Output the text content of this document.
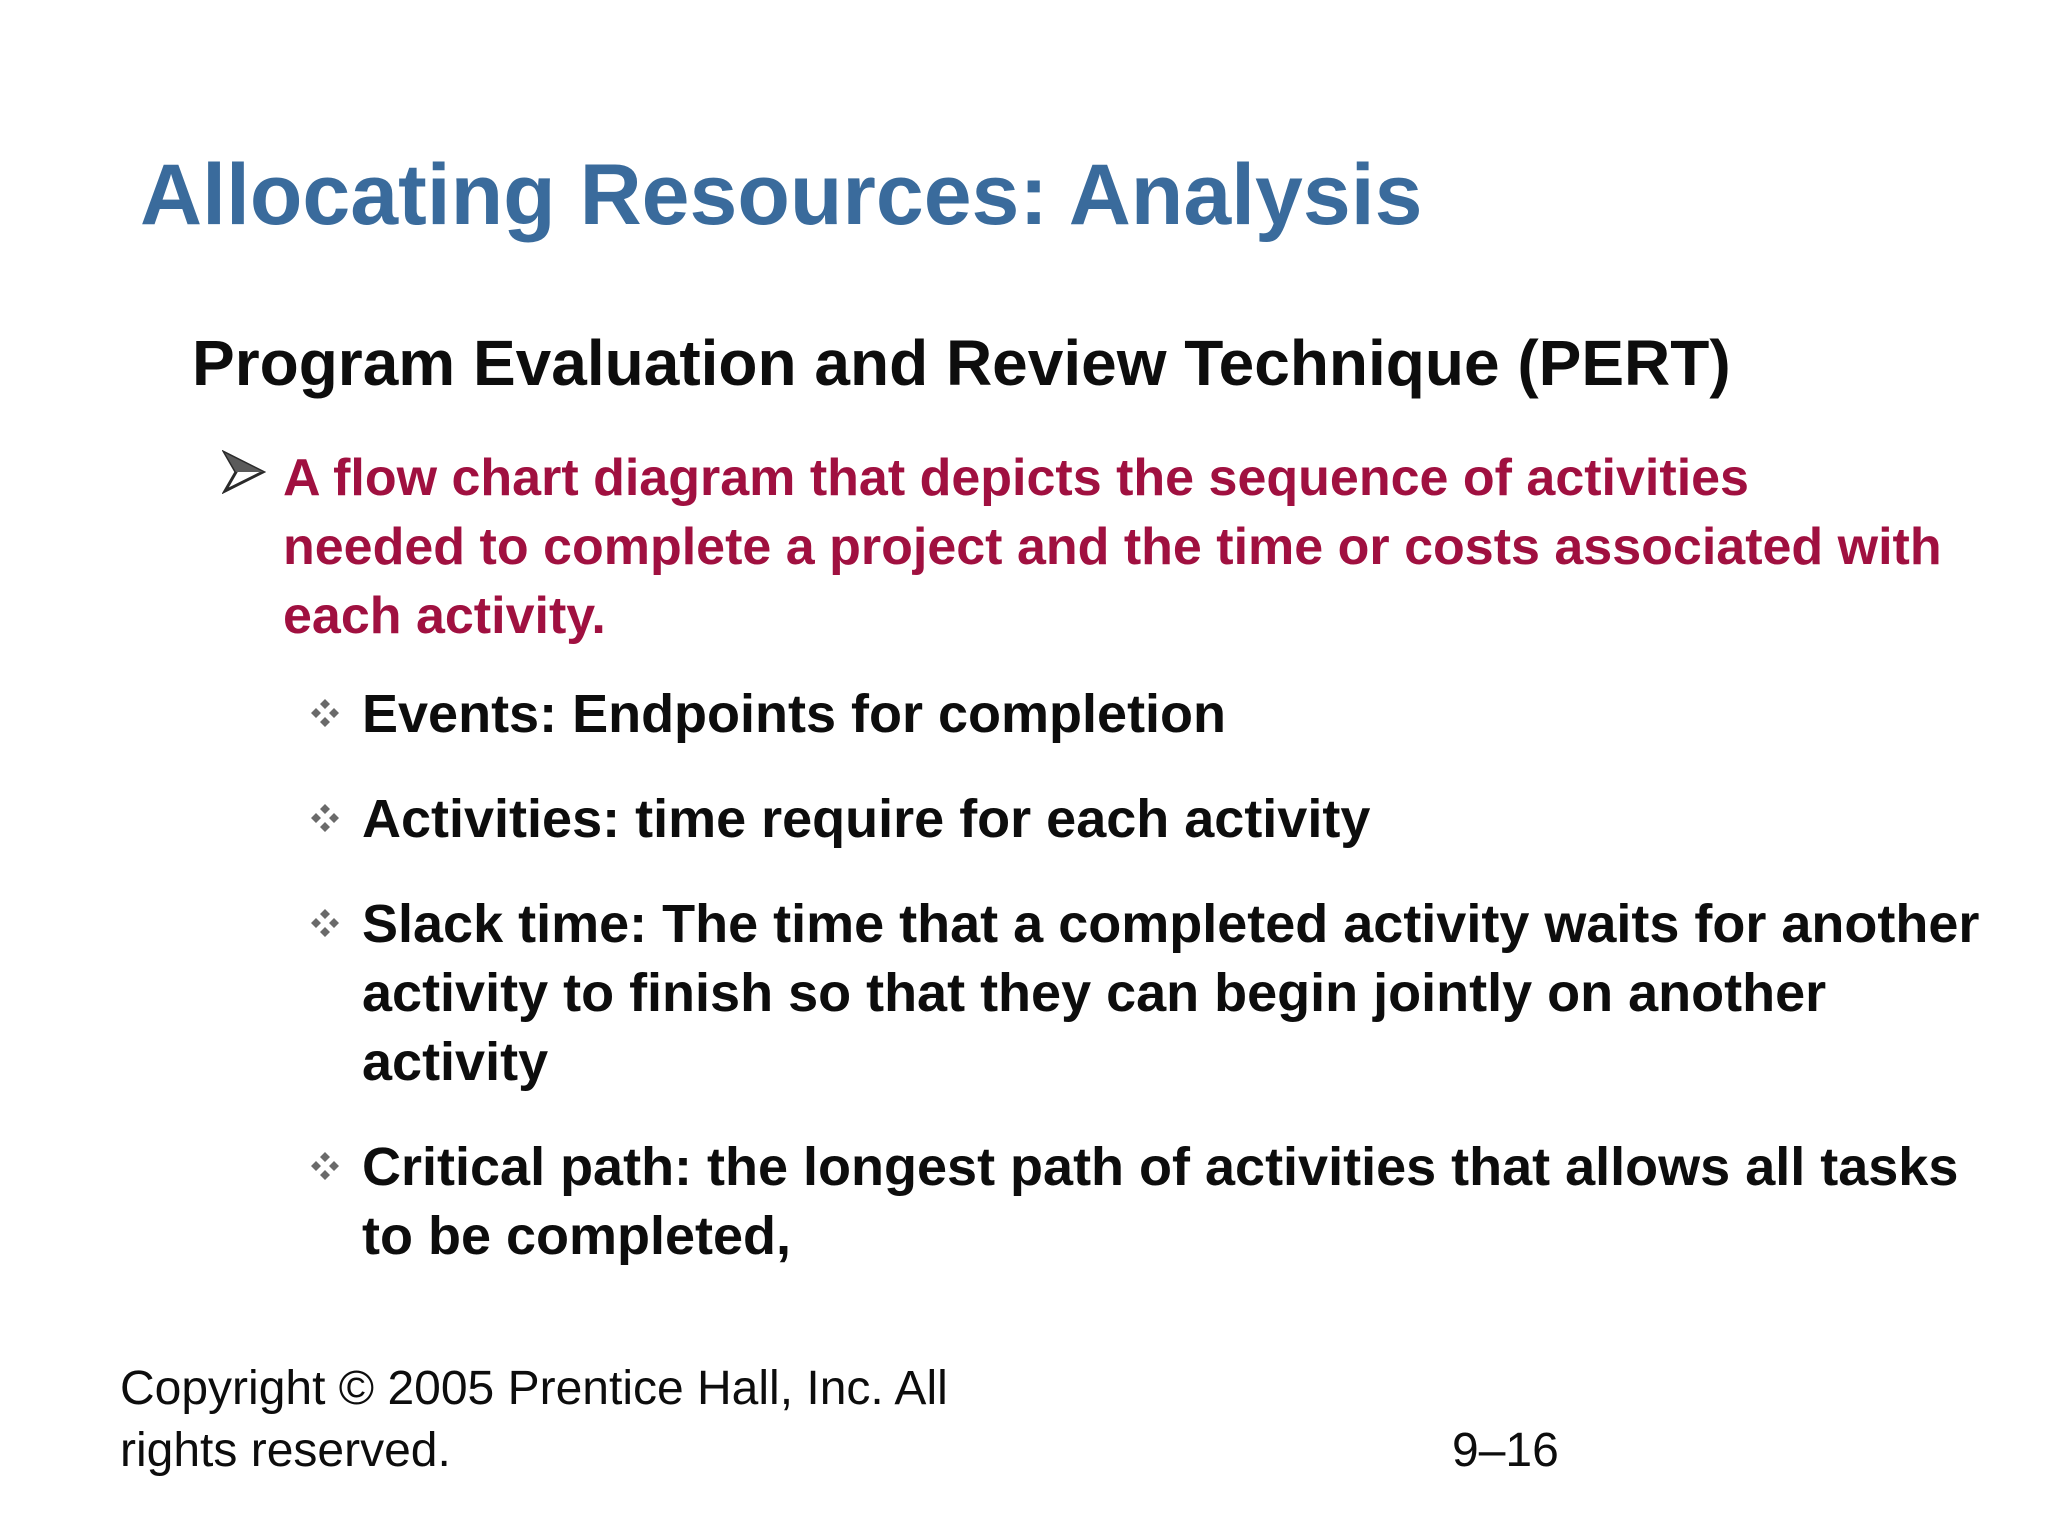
Allocating Resources: Analysis
Program Evaluation and Review Technique (PERT)

A flow chart diagram that depicts the sequence of activities needed to complete a project and the time or costs associated with each activity.

Events: Endpoints for completion
Activities: time require for each activity
Slack time: The time that a completed activity waits for another activity to finish so that they can begin jointly on another activity
Critical path: the longest path of activities that allows all tasks to be completed,

Copyright © 2005 Prentice Hall, Inc. All rights reserved.	9–16
